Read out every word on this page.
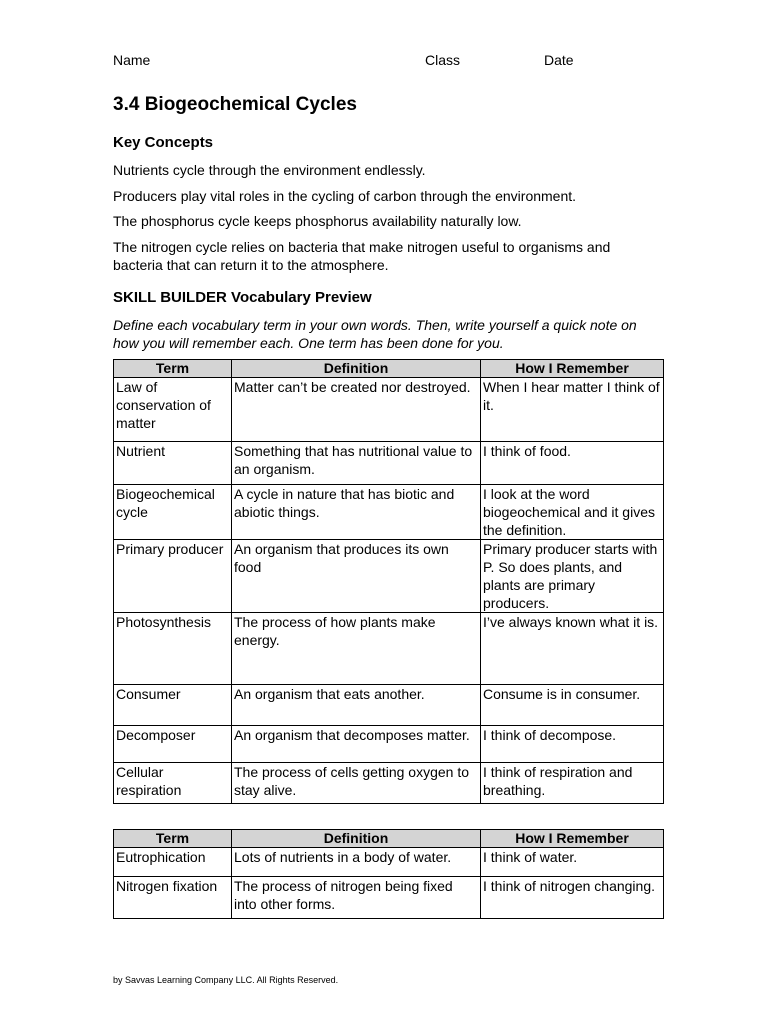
Name	Class	Date
3.4 Biogeochemical Cycles
Key Concepts

Nutrients cycle through the environment endlessly.

Producers play vital roles in the cycling of carbon through the environment.

The phosphorus cycle keeps phosphorus availability naturally low.

The nitrogen cycle relies on bacteria that make nitrogen useful to organisms and bacteria that can return it to the atmosphere.

SKILL BUILDER Vocabulary Preview

Define each vocabulary term in your own words. Then, write yourself a quick note on how you will remember each. One term has been done for you.

Term	Definition	How I Remember
Law of conservation of matter	Matter can’t be created nor destroyed.	When I hear matter I think of it.
Nutrient	Something that has nutritional value to an organism.	I think of food.
Biogeochemical cycle	A cycle in nature that has biotic and abiotic things.	I look at the word biogeochemical and it gives the definition.
Primary producer	An organism that produces its own food	Primary producer starts with P. So does plants, and plants are primary producers.
Photosynthesis	The process of how plants make energy.	I’ve always known what it is.
Consumer	An organism that eats another.	Consume is in consumer.
Decomposer	An organism that decomposes matter.	I think of decompose.
Cellular respiration	The process of cells getting oxygen to stay alive.	I think of respiration and breathing.
Term	Definition	How I Remember
Eutrophication	Lots of nutrients in a body of water.	I think of water.
Nitrogen fixation	The process of nitrogen being fixed into other forms.	I think of nitrogen changing.
by Savvas Learning Company LLC. All Rights Reserved.
